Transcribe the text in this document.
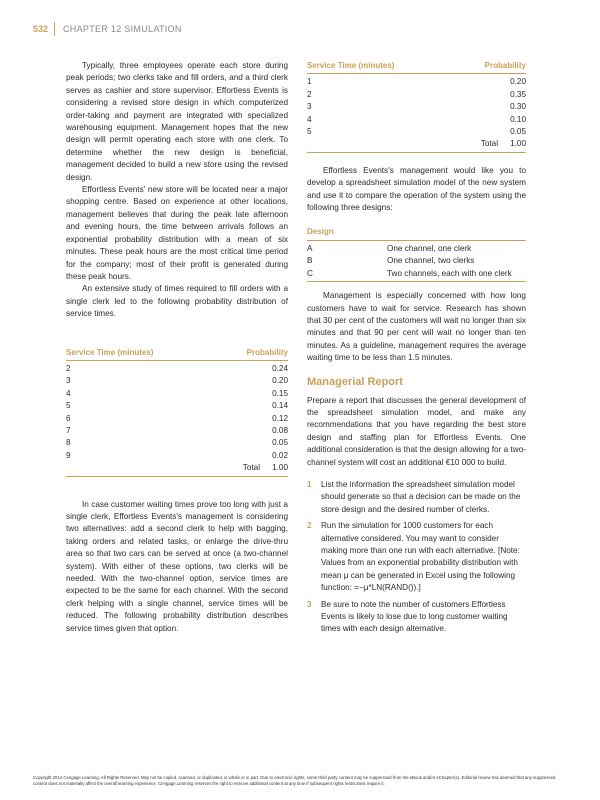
532 CHAPTER 12 SIMULATION

Typically, three employees operate each store during peak periods; two clerks take and fill orders, and a third clerk serves as cashier and store supervisor. Effortless Events is considering a revised store design in which computerized order-taking and payment are integrated with specialized warehousing equipment. Management hopes that the new design will permit operating each store with one clerk. To determine whether the new design is beneficial, management decided to build a new store using the revised design.

Effortless Events' new store will be located near a major shopping centre. Based on experience at other locations, management believes that during the peak late afternoon and evening hours, the time between arrivals follows an exponential probability distribution with a mean of six minutes. These peak hours are the most critical time period for the company; most of their profit is generated during these peak hours.

An extensive study of times required to fill orders with a single clerk led to the following probability distribution of service times.

Service Time (minutes)	Probability
2	0.24
3	0.20
4	0.15
5	0.14
6	0.12
7	0.08
8	0.05
9	0.02
Total 1.00

In case customer waiting times prove too long with just a single clerk, Effortless Events's management is considering two alternatives: add a second clerk to help with bagging, taking orders and related tasks, or enlarge the drive-thru area so that two cars can be served at once (a two-channel system). With either of these options, two clerks will be needed. With the two-channel option, service times are expected to be the same for each channel. With the second clerk helping with a single channel, service times will be reduced. The following probability distribution describes service times given that option.

Service Time (minutes)	Probability
1	0.20
2	0.35
3	0.30
4	0.10
5	0.05
Total 1.00

Effortless Events's management would like you to develop a spreadsheet simulation model of the new system and use it to compare the operation of the system using the following three designs:

Design
A	One channel, one clerk
B	One channel, two clerks
C	Two channels, each with one clerk

Management is especially concerned with how long customers have to wait for service. Research has shown that 30 per cent of the customers will wait no longer than six minutes and that 90 per cent will wait no longer than ten minutes. As a guideline, management requires the average waiting time to be less than 1.5 minutes.

Managerial Report

Prepare a report that discusses the general development of the spreadsheet simulation model, and make any recommendations that you have regarding the best store design and staffing plan for Effortless Events. One additional consideration is that the design allowing for a two-channel system will cost an additional €10 000 to build.

1	List the information the spreadsheet simulation model should generate so that a decision can be made on the store design and the desired number of clerks.
2	Run the simulation for 1000 customers for each alternative considered. You may want to consider making more than one run with each alternative. [Note: Values from an exponential probability distribution with mean μ can be generated in Excel using the following function: =−μ*LN(RAND()).]
3	Be sure to note the number of customers Effortless Events is likely to lose due to long customer waiting times with each design alternative.
Copyright 2014 Cengage Learning. All Rights Reserved. May not be copied, scanned, or duplicated, in whole or in part. Due to electronic rights, some third party content may be suppressed from the eBook and/or eChapter(s). Editorial review has deemed that any suppressed content does not materially affect the overall learning experience. Cengage Learning reserves the right to remove additional content at any time if subsequent rights restrictions require it.
